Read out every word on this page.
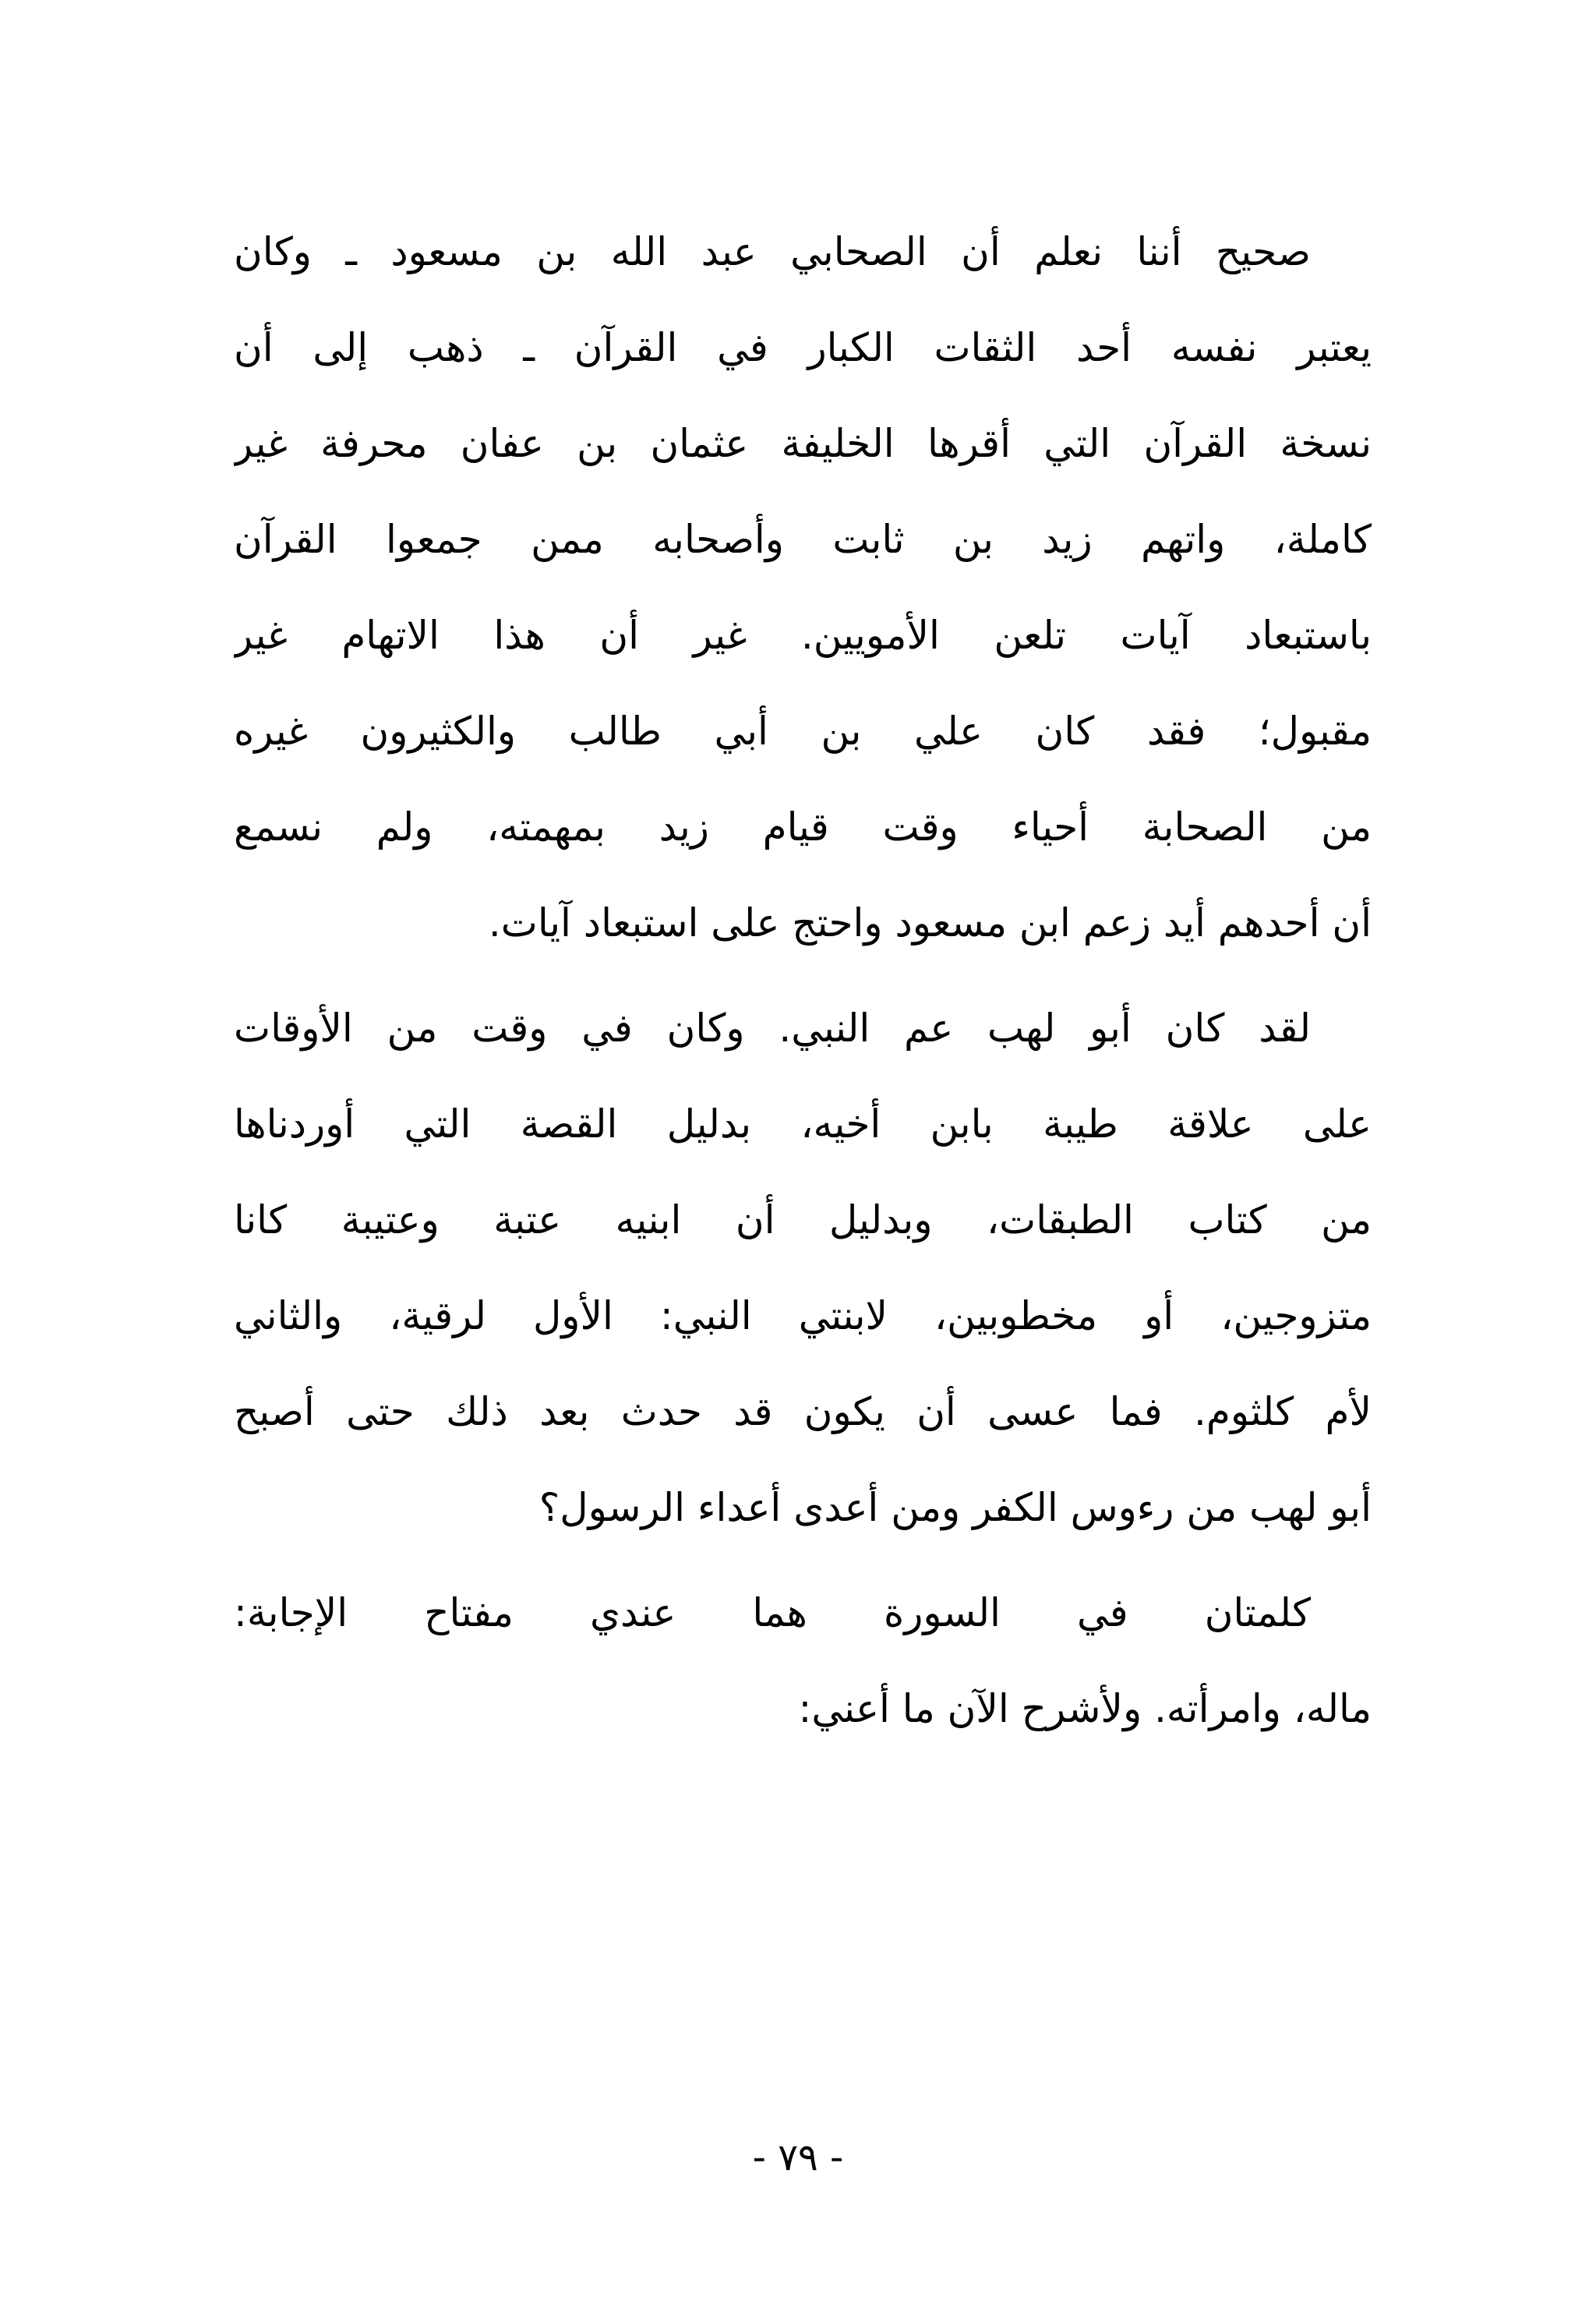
صحيح أننا نعلم أن الصحابي عبد الله بن مسعود ـ وكان
يعتبر نفسه أحد الثقات الكبار في القرآن ـ ذهب إلى أن
نسخة القرآن التي أقرها الخليفة عثمان بن عفان محرفة غير
كاملة، واتهم زيد بن ثابت وأصحابه ممن جمعوا القرآن
باستبعاد آيات تلعن الأمويين. غير أن هذا الاتهام غير
مقبول؛ فقد كان علي بن أبي طالب والكثيرون غيره
من الصحابة أحياء وقت قيام زيد بمهمته، ولم نسمع
أن أحدهم أيد زعم ابن مسعود واحتج على استبعاد آيات.
لقد كان أبو لهب عم النبي. وكان في وقت من الأوقات
على علاقة طيبة بابن أخيه، بدليل القصة التي أوردناها
من كتاب الطبقات، وبدليل أن ابنيه عتبة وعتيبة كانا
متزوجين، أو مخطوبين، لابنتي النبي: الأول لرقية، والثاني
لأم كلثوم. فما عسى أن يكون قد حدث بعد ذلك حتى أصبح
أبو لهب من رءوس الكفر ومن أعدى أعداء الرسول؟
كلمتان في السورة هما عندي مفتاح الإجابة:
ماله، وامرأته. ولأشرح الآن ما أعني:
- ٧٩ -
